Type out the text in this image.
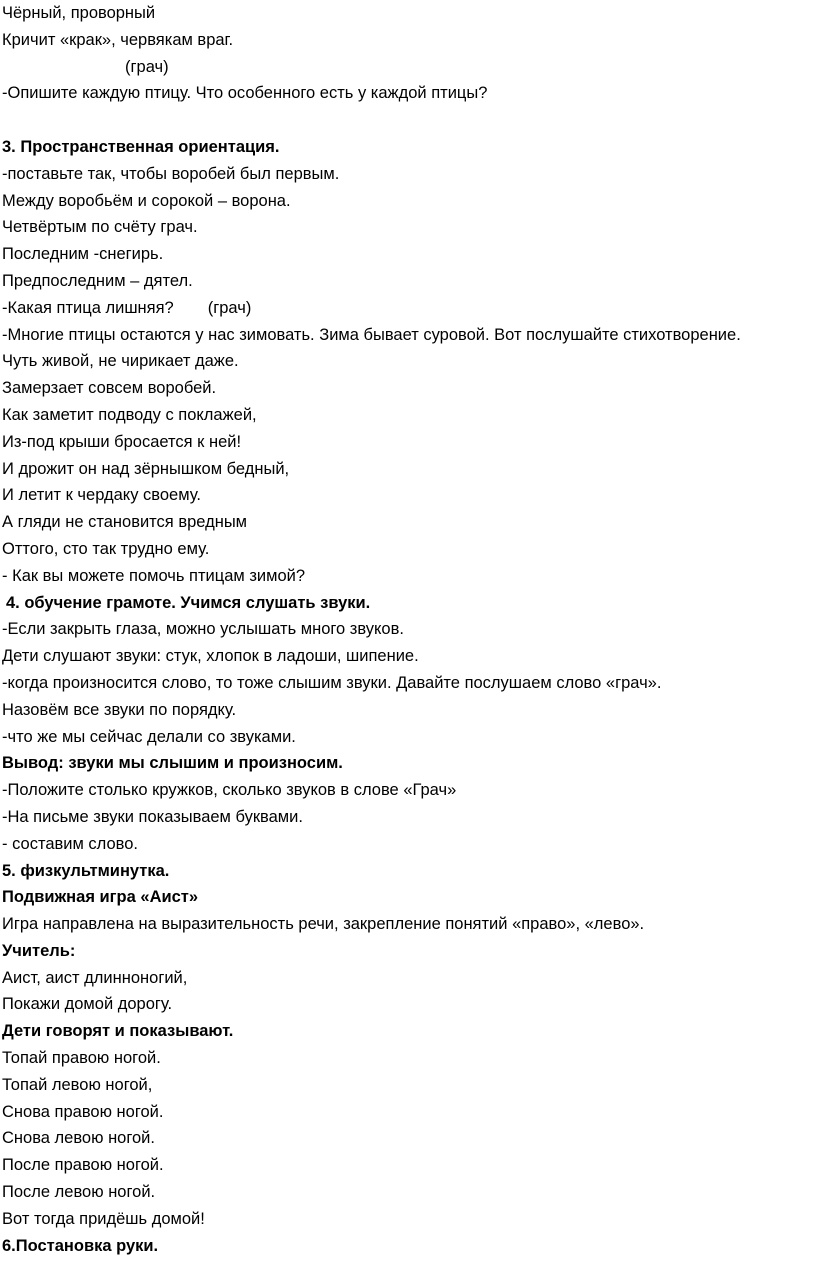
Чёрный, проворный
Кричит «крак», червякам враг.
(грач)
-Опишите каждую птицу. Что особенного есть у каждой птицы?
3. Пространственная ориентация.
-поставьте так, чтобы воробей был первым.
Между воробьём и сорокой – ворона.
Четвёртым по счёту грач.
Последним -снегирь.
Предпоследним – дятел.
-Какая птица лишняя? (грач)
-Многие птицы остаются у нас зимовать. Зима бывает суровой. Вот послушайте стихотворение.
Чуть живой, не чирикает даже.
Замерзает совсем воробей.
Как заметит подводу с поклажей,
Из-под крыши бросается к ней!
И дрожит он над зёрнышком бедный,
И летит к чердаку своему.
А гляди не становится вредным
Оттого, сто так трудно ему.
- Как вы можете помочь птицам зимой?
4. обучение грамоте. Учимся слушать звуки.
-Если закрыть глаза, можно услышать много звуков.
Дети слушают звуки: стук, хлопок в ладоши, шипение.
-когда произносится слово, то тоже слышим звуки. Давайте послушаем слово «грач».
Назовём все звуки по порядку.
-что же мы сейчас делали со звуками.
Вывод: звуки мы слышим и произносим.
-Положите столько кружков, сколько звуков в слове «Грач»
-На письме звуки показываем буквами.
- составим слово.
5. физкультминутка.
Подвижная игра «Аист»
Игра направлена на выразительность речи, закрепление понятий «право», «лево».
Учитель:
Аист, аист длинноногий,
Покажи домой дорогу.
Дети говорят и показывают.
Топай правою ногой.
Топай левою ногой,
Снова правою ногой.
Снова левою ногой.
После правою ногой.
После левою ногой.
Вот тогда придёшь домой!
6.Постановка руки.
